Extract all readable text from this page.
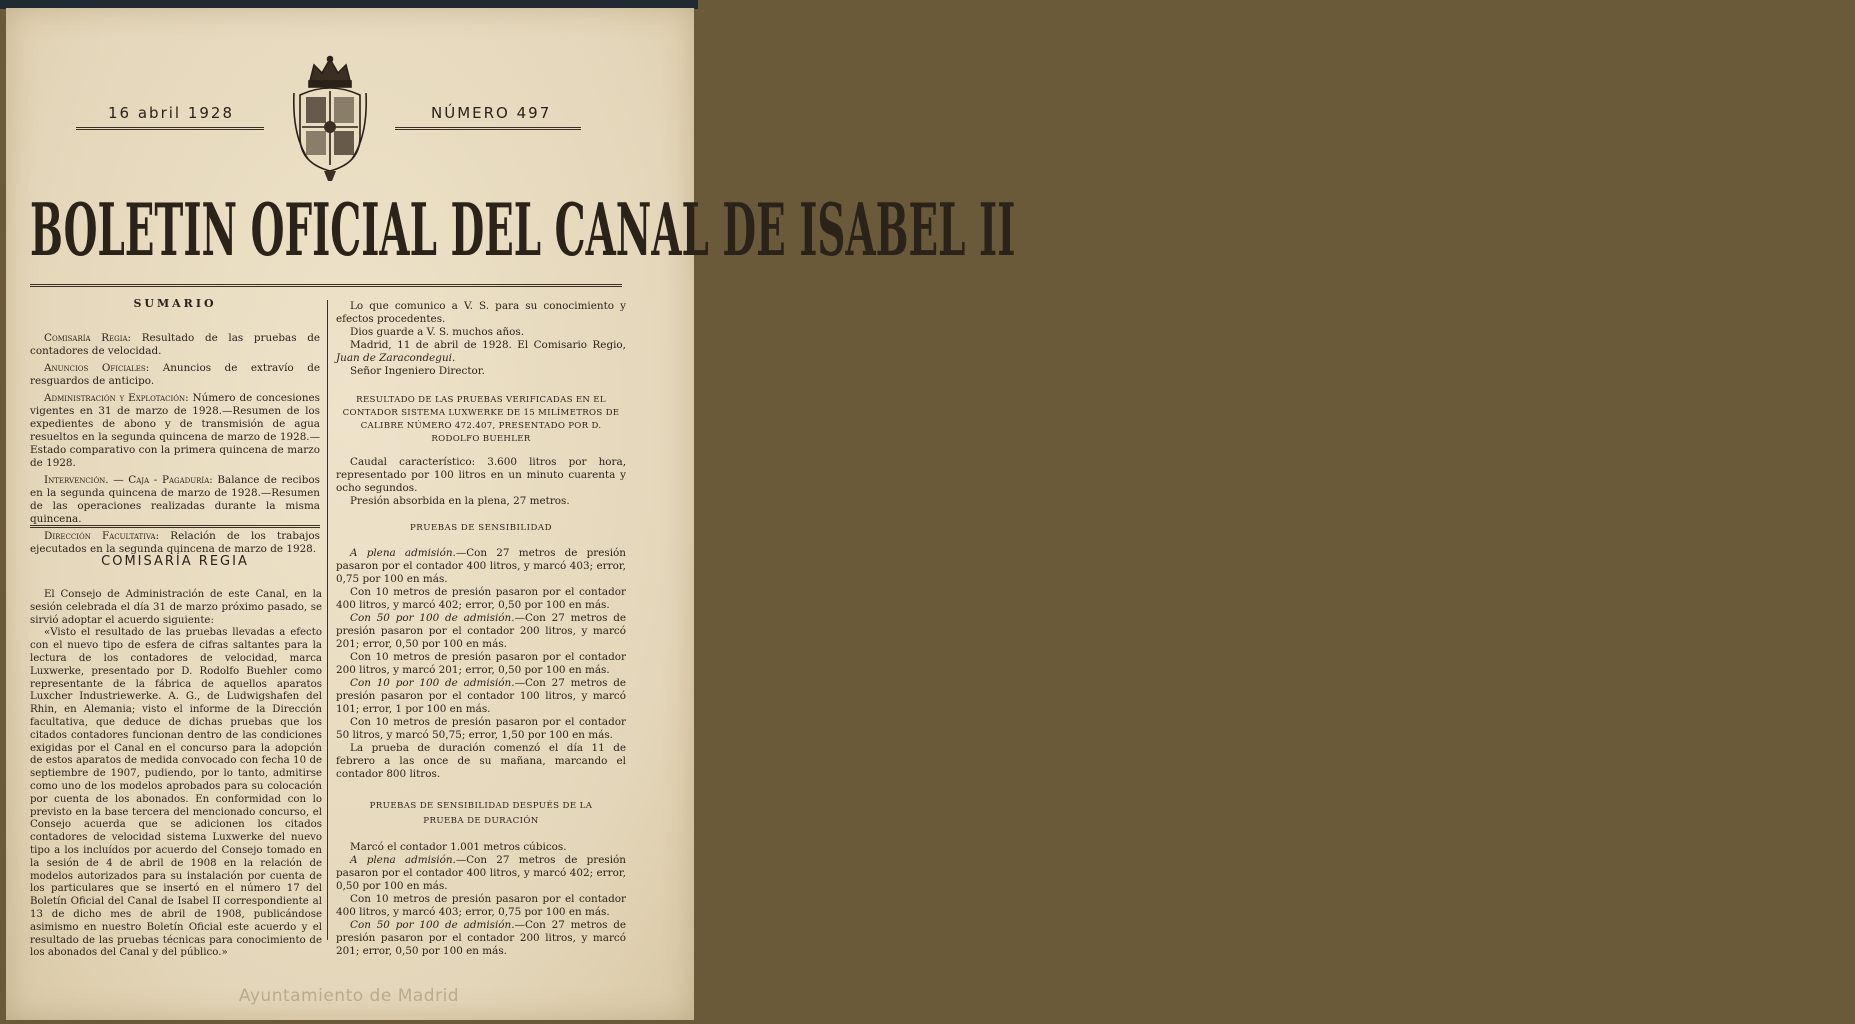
16 abril 1928	NÚMERO 497
BOLETIN OFICIAL DEL CANAL DE ISABEL II
SUMARIO

Comisaría Regia: Resultado de las pruebas de contadores de velocidad.

Anuncios Oficiales: Anuncios de extravío de resguardos de anticipo.

Administración y Explotación: Número de concesiones vigentes en 31 de marzo de 1928.—Resumen de los expedientes de abono y de transmisión de agua resueltos en la segunda quincena de marzo de 1928.—Estado comparativo con la primera quincena de marzo de 1928.

Intervención. — Caja - Pagaduría: Balance de recibos en la segunda quincena de marzo de 1928.—Resumen de las operaciones realizadas durante la misma quincena.

Dirección Facultativa: Relación de los trabajos ejecutados en la segunda quincena de marzo de 1928.

COMISARÍA REGIA

El Consejo de Administración de este Canal, en la sesión celebrada el día 31 de marzo próximo pasado, se sirvió adoptar el acuerdo siguiente:

«Visto el resultado de las pruebas llevadas a efecto con el nuevo tipo de esfera de cifras saltantes para la lectura de los contadores de velocidad, marca Luxwerke, presentado por D. Rodolfo Buehler como representante de la fábrica de aquellos aparatos Luxcher Industriewerke. A. G., de Ludwigshafen del Rhin, en Alemania; visto el informe de la Dirección facultativa, que deduce de dichas pruebas que los citados contadores funcionan dentro de las condiciones exigidas por el Canal en el concurso para la adopción de estos aparatos de medida convocado con fecha 10 de septiembre de 1907, pudiendo, por lo tanto, admitirse como uno de los modelos aprobados para su colocación por cuenta de los abonados. En conformidad con lo previsto en la base tercera del mencionado concurso, el Consejo acuerda que se adicionen los citados contadores de velocidad sistema Luxwerke del nuevo tipo a los incluídos por acuerdo del Consejo tomado en la sesión de 4 de abril de 1908 en la relación de modelos autorizados para su instalación por cuenta de los particulares que se insertó en el número 17 del Boletín Oficial del Canal de Isabel II correspondiente al 13 de dicho mes de abril de 1908, publicándose asimismo en nuestro Boletín Oficial este acuerdo y el resultado de las pruebas técnicas para conocimiento de los abonados del Canal y del público.»

Lo que comunico a V. S. para su conocimiento y efectos procedentes.

Dios guarde a V. S. muchos años.

Madrid, 11 de abril de 1928. El Comisario Regio, Juan de Zaracondegui.

Señor Ingeniero Director.

RESULTADO DE LAS PRUEBAS VERIFICADAS EN EL CONTADOR SISTEMA LUXWERKE DE 15 MILÍMETROS DE CALIBRE NÚMERO 472.407, PRESENTADO POR D. RODOLFO BUEHLER

Caudal característico: 3.600 litros por hora, representado por 100 litros en un minuto cuarenta y ocho segundos.

Presión absorbida en la plena, 27 metros.

PRUEBAS DE SENSIBILIDAD

A plena admisión.—Con 27 metros de presión pasaron por el contador 400 litros, y marcó 403; error, 0,75 por 100 en más.

Con 10 metros de presión pasaron por el contador 400 litros, y marcó 402; error, 0,50 por 100 en más.

Con 50 por 100 de admisión.—Con 27 metros de presión pasaron por el contador 200 litros, y marcó 201; error, 0,50 por 100 en más.

Con 10 metros de presión pasaron por el contador 200 litros, y marcó 201; error, 0,50 por 100 en más.

Con 10 por 100 de admisión.—Con 27 metros de presión pasaron por el contador 100 litros, y marcó 101; error, 1 por 100 en más.

Con 10 metros de presión pasaron por el contador 50 litros, y marcó 50,75; error, 1,50 por 100 en más.

La prueba de duración comenzó el día 11 de febrero a las once de su mañana, marcando el contador 800 litros.

PRUEBAS DE SENSIBILIDAD DESPUÉS DE LA PRUEBA DE DURACIÓN

Marcó el contador 1.001 metros cúbicos.

A plena admisión.—Con 27 metros de presión pasaron por el contador 400 litros, y marcó 402; error, 0,50 por 100 en más.

Con 10 metros de presión pasaron por el contador 400 litros, y marcó 403; error, 0,75 por 100 en más.

Con 50 por 100 de admisión.—Con 27 metros de presión pasaron por el contador 200 litros, y marcó 201; error, 0,50 por 100 en más.

Ayuntamiento de Madrid
